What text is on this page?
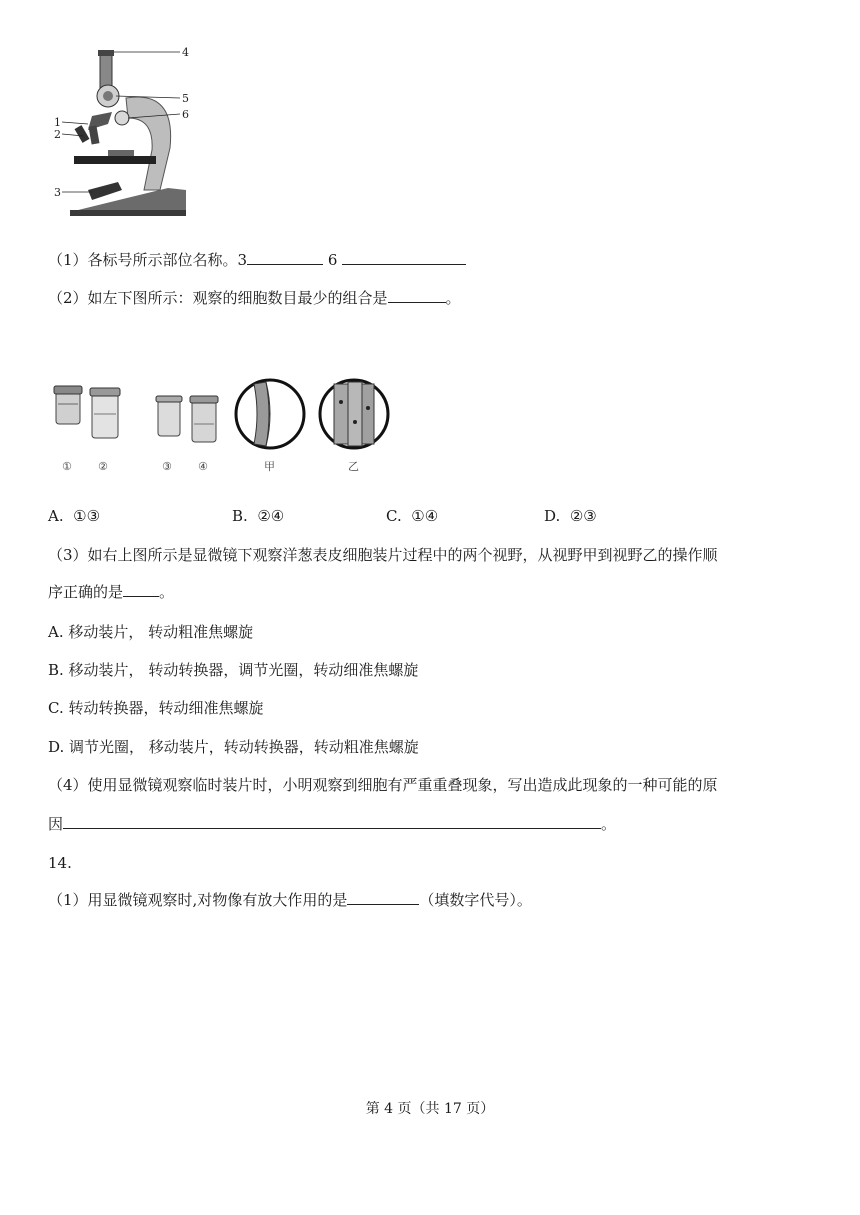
4
5
6
1
2
3
（1）各标号所示部位名称。3	6
（2）如左下图所示：观察的细胞数目最少的组合是	。
① ②	③ ④	甲	乙
A. ①③	B. ②④	C. ①④	D. ②③
（3）如右上图所示是显微镜下观察洋葱表皮细胞装片过程中的两个视野，从视野甲到视野乙的操作顺
序正确的是 。
A. 移动装片， 转动粗准焦螺旋
B. 移动装片， 转动转换器，调节光圈，转动细准焦螺旋
C. 转动转换器，转动细准焦螺旋
D. 调节光圈， 移动装片，转动转换器，转动粗准焦螺旋
（4）使用显微镜观察临时装片时，小明观察到细胞有严重重叠现象，写出造成此现象的一种可能的原
因	。
14.
（1）用显微镜观察时,对物像有放大作用的是	（填数字代号）。
第 4 页（共 17 页）
